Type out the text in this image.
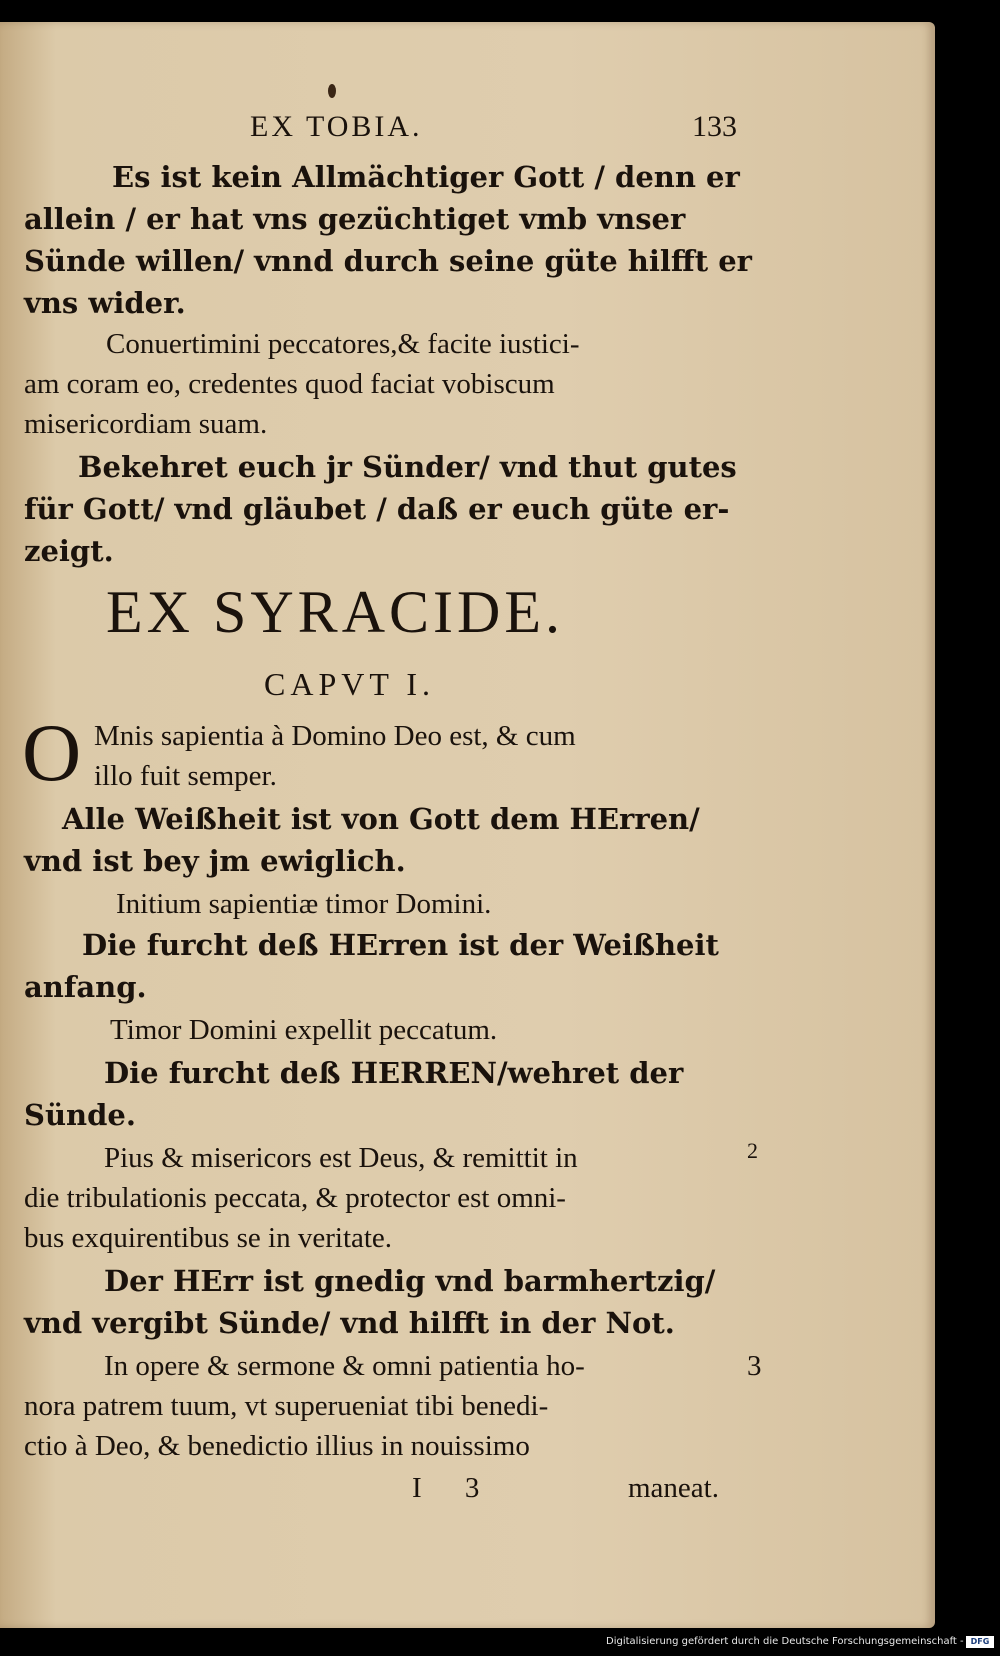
EX TOBIA.	133
Es ist kein Allmächtiger Gott / denn er
allein / er hat vns gezüchtiget vmb vnser
Sünde willen/ vnnd durch seine güte hilfft er
vns wider.
Conuertimini peccatores,& facite iustici-
am coram eo, credentes quod faciat vobiscum
misericordiam suam.
Bekehret euch jr Sünder/ vnd thut gutes
für Gott/ vnd gläubet / daß er euch güte er-
zeigt.
EX SYRACIDE.
CAPVT I.
O Mnis sapientia à Domino Deo est, & cum
illo fuit semper.
Alle Weißheit ist von Gott dem HErren/
vnd ist bey jm ewiglich.
Initium sapientiæ timor Domini.
Die furcht deß HErren ist der Weißheit
anfang.
Timor Domini expellit peccatum.
Die furcht deß HERREN/wehret der
Sünde.
Pius & misericors est Deus, & remittit in	2
die tribulationis peccata, & protector est omni-
bus exquirentibus se in veritate.
Der HErr ist gnedig vnd barmhertzig/
vnd vergibt Sünde/ vnd hilfft in der Not.
In opere & sermone & omni patientia ho-	3
nora patrem tuum, vt superueniat tibi benedi-
ctio à Deo, & benedictio illius in nouissimo
I 3	maneat.
Digitalisierung gefördert durch die Deutsche Forschungsgemeinschaft - DFG
